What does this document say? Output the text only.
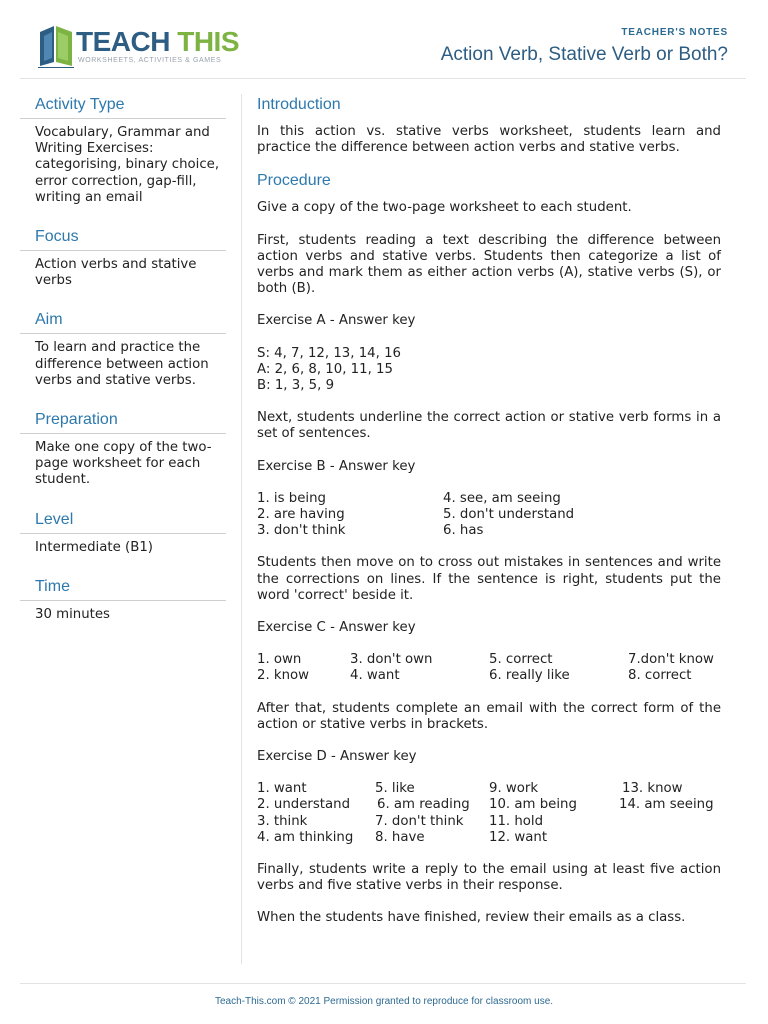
TEACH THIS
WORKSHEETS, ACTIVITIES & GAMES
TEACHER'S NOTES
Action Verb, Stative Verb or Both?
Activity Type
Vocabulary, Grammar and Writing Exercises: categorising, binary choice, error correction, gap-fill, writing an email
Focus
Action verbs and stative verbs
Aim
To learn and practice the difference between action verbs and stative verbs.
Preparation
Make one copy of the two-page worksheet for each student.
Level
Intermediate (B1)
Time
30 minutes
Introduction

In this action vs. stative verbs worksheet, students learn and practice the difference between action verbs and stative verbs.

Procedure

Give a copy of the two-page worksheet to each student.

First, students reading a text describing the difference between action verbs and stative verbs. Students then categorize a list of verbs and mark them as either action verbs (A), stative verbs (S), or both (B).

Exercise A - Answer key

S: 4, 7, 12, 13, 14, 16
A: 2, 6, 8, 10, 11, 15
B: 1, 3, 5, 9

Next, students underline the correct action or stative verb forms in a set of sentences.

Exercise B - Answer key

1. is being	4. see, am seeing
2. are having	5. don't understand
3. don't think	6. has

Students then move on to cross out mistakes in sentences and write the corrections on lines. If the sentence is right, students put the word 'correct' beside it.

Exercise C - Answer key

1. own	3. don't own	5. correct	7.don't know
2. know	4. want	6. really like	8. correct

After that, students complete an email with the correct form of the action or stative verbs in brackets.

Exercise D - Answer key

1. want	5. like	9. work	13. know
2. understand 6. am reading 10. am being	14. am seeing
3. think	7. don't think 11. hold
4. am thinking 8. have	12. want

Finally, students write a reply to the email using at least five action verbs and five stative verbs in their response.

When the students have finished, review their emails as a class.

Teach-This.com © 2021 Permission granted to reproduce for classroom use.
